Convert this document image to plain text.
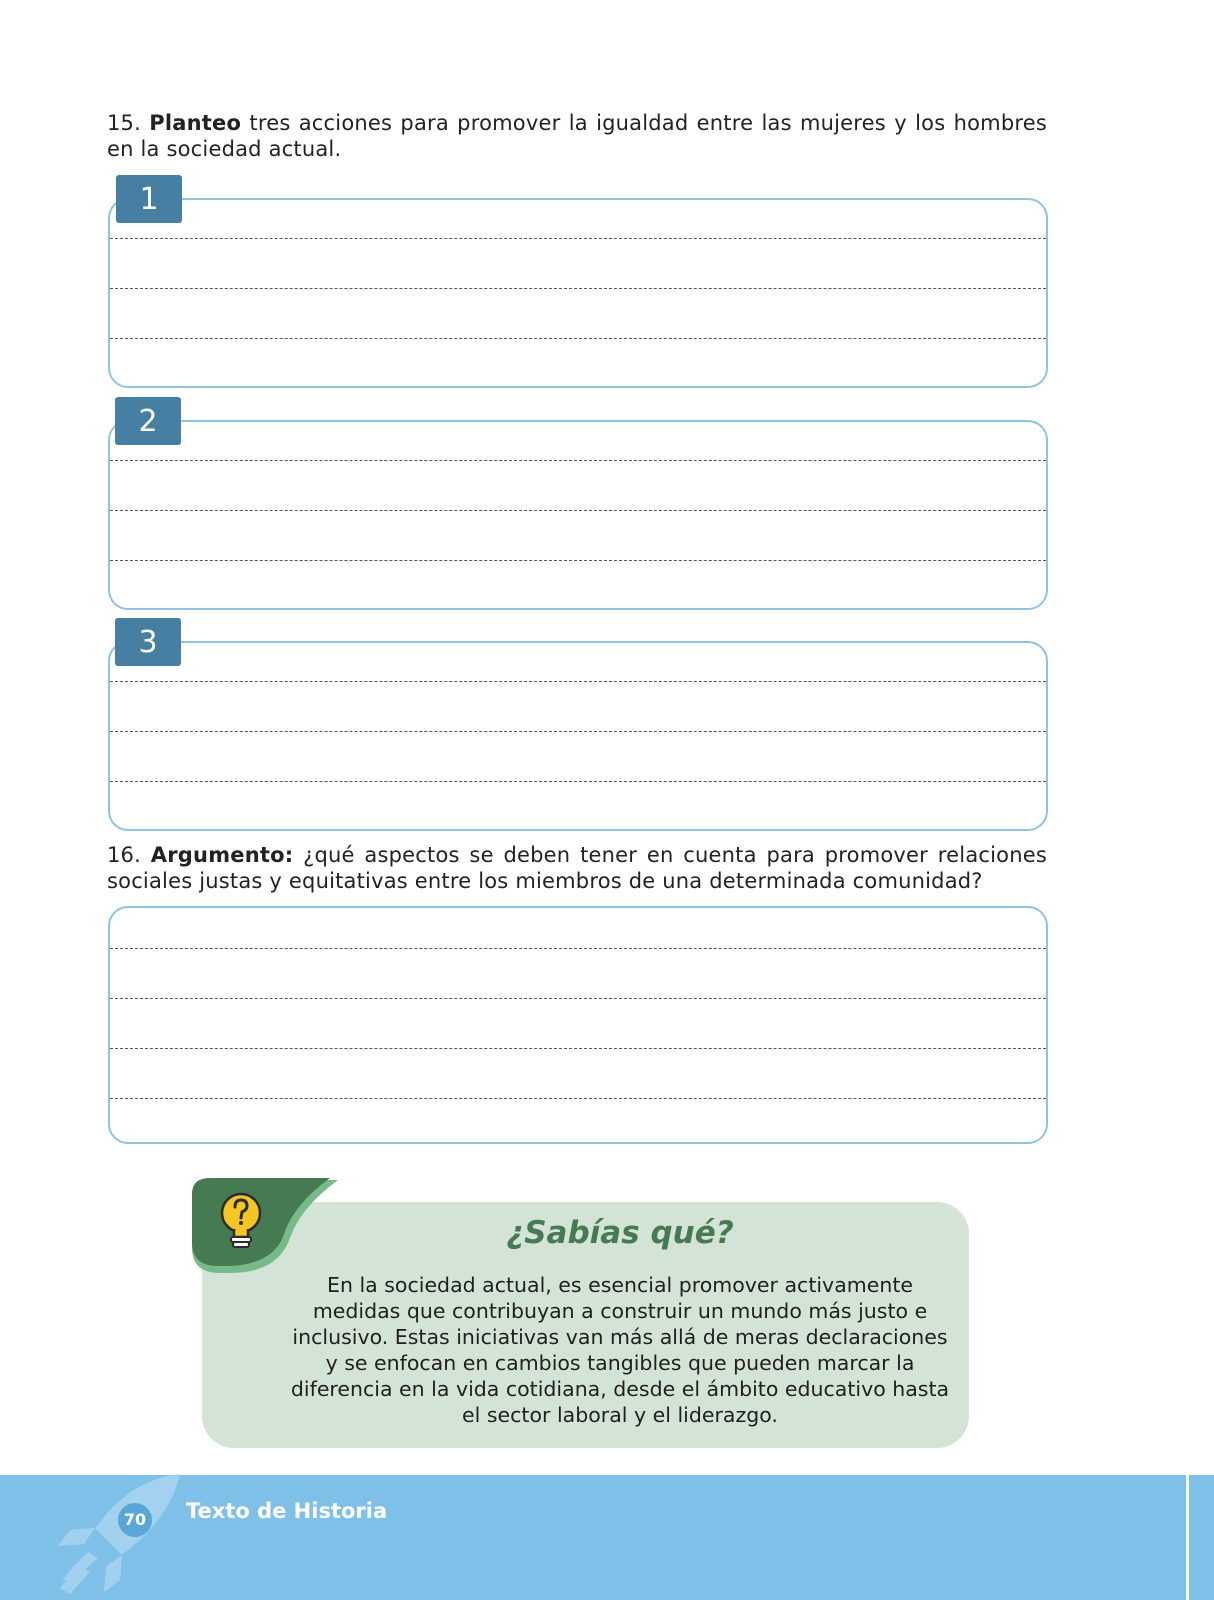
15. Planteo tres acciones para promover la igualdad entre las mujeres y los hombres en la sociedad actual.
1
2
3
16. Argumento: ¿qué aspectos se deben tener en cuenta para promover relaciones sociales justas y equitativas entre los miembros de una determinada comunidad?
¿Sabías qué?
En la sociedad actual, es esencial promover activamente medidas que contribuyan a construir un mundo más justo e inclusivo. Estas iniciativas van más allá de meras declaraciones y se enfocan en cambios tangibles que pueden marcar la diferencia en la vida cotidiana, desde el ámbito educativo hasta el sector laboral y el liderazgo.
70 Texto de Historia
